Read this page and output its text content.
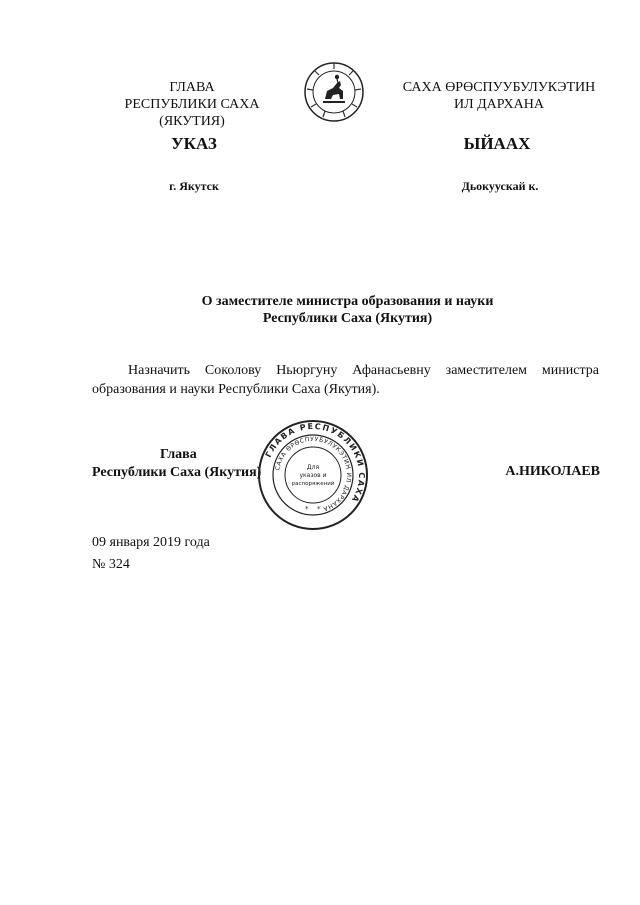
ГЛАВА
РЕСПУБЛИКИ САХА (ЯКУТИЯ)
САХА ӨРӨСПУУБУЛУКЭТИН
ИЛ ДАРХАНА
УКАЗ	ЫЙААХ
г. Якутск	Дьокуускай к.
О заместителе министра образования и науки
Республики Саха (Якутия)
Назначить Соколову Ньюргуну Афанасьевну заместителем министра образования и науки Республики Саха (Якутия).
Глава
Республики Саха (Якутия)
ГЛАВА РЕСПУБЛИКИ САХА
САХА ӨРӨСПУУБУЛУКЭТИН ИЛ ДАРХАНА
Для
указов и
распоряжений
* *
А.НИКОЛАЕВ
09 января 2019 года
№ 324
